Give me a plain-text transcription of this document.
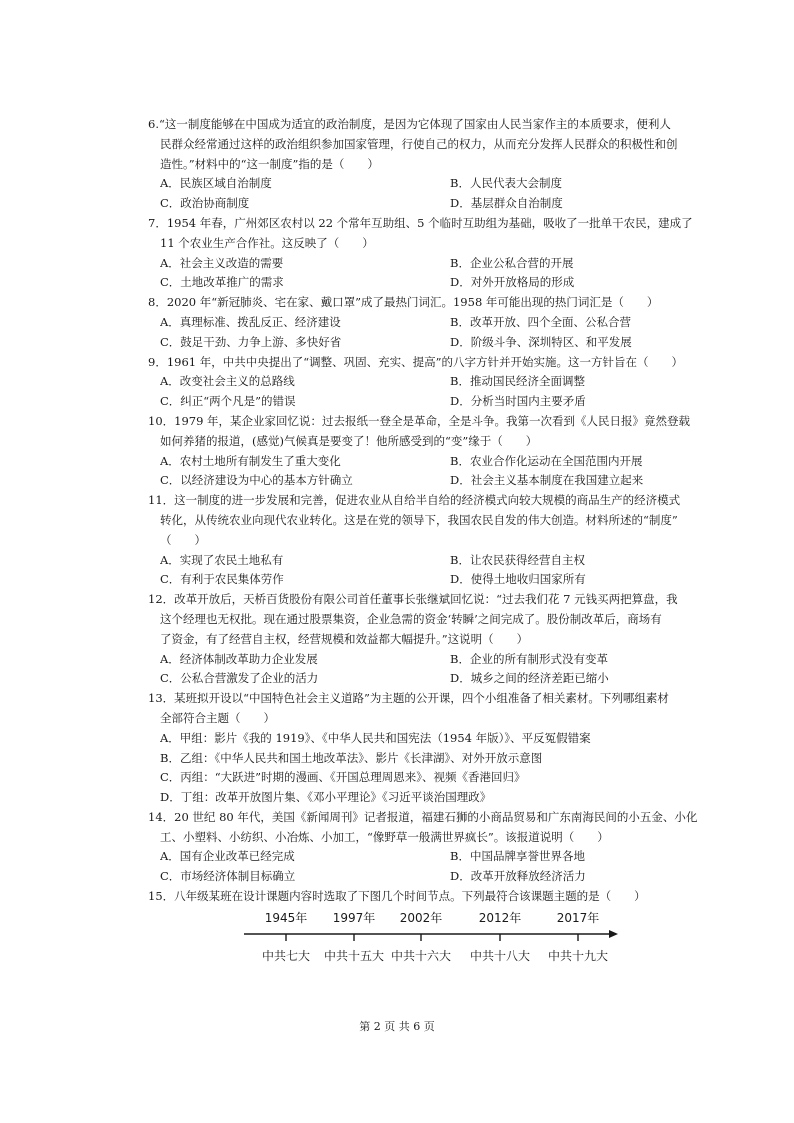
6.“这一制度能够在中国成为适宜的政治制度，是因为它体现了国家由人民当家作主的本质要求，便利人
民群众经常通过这样的政治组织参加国家管理，行使自己的权力，从而充分发挥人民群众的积极性和创
造性。”材料中的“这一制度”指的是（　　）
A．民族区域自治制度	B．人民代表大会制度
C．政治协商制度	D．基层群众自治制度
7．1954 年春，广州郊区农村以 22 个常年互助组、5 个临时互助组为基础，吸收了一批单干农民，建成了
11 个农业生产合作社。这反映了（　　）
A．社会主义改造的需要	B．企业公私合营的开展
C．土地改革推广的需求	D．对外开放格局的形成
8．2020 年“新冠肺炎、宅在家、戴口罩”成了最热门词汇。1958 年可能出现的热门词汇是（　　）
A．真理标准、拨乱反正、经济建设	B．改革开放、四个全面、公私合营
C．鼓足干劲、力争上游、多快好省	D．阶级斗争、深圳特区、和平发展
9．1961 年，中共中央提出了“调整、巩固、充实、提高”的八字方针并开始实施。这一方针旨在（　　）
A．改变社会主义的总路线	B．推动国民经济全面调整
C．纠正“两个凡是”的错误	D．分析当时国内主要矛盾
10．1979 年，某企业家回忆说：过去报纸一登全是革命，全是斗争。我第一次看到《人民日报》竟然登载
如何养猪的报道，(感觉)气候真是要变了！他所感受到的“变”缘于（　　）
A．农村土地所有制发生了重大变化	B．农业合作化运动在全国范围内开展
C．以经济建设为中心的基本方针确立	D．社会主义基本制度在我国建立起来
11．这一制度的进一步发展和完善，促进农业从自给半自给的经济模式向较大规模的商品生产的经济模式
转化，从传统农业向现代农业转化。这是在党的领导下，我国农民自发的伟大创造。材料所述的“制度”
（　　）
A．实现了农民土地私有	B．让农民获得经营自主权
C．有利于农民集体劳作	D．使得土地收归国家所有
12．改革开放后，天桥百货股份有限公司首任董事长张继斌回忆说：“过去我们花 7 元钱买两把算盘，我
这个经理也无权批。现在通过股票集资，企业急需的资金‘转瞬’之间完成了。股份制改革后，商场有
了资金，有了经营自主权，经营规模和效益都大幅提升。”这说明（　　）
A．经济体制改革助力企业发展	B．企业的所有制形式没有变革
C．公私合营激发了企业的活力	D．城乡之间的经济差距已缩小
13．某班拟开设以“中国特色社会主义道路”为主题的公开课，四个小组准备了相关素材。下列哪组素材
全部符合主题（　　）
A．甲组：影片《我的 1919》、《中华人民共和国宪法（1954 年版）》、平反冤假错案
B．乙组：《中华人民共和国土地改革法》、影片《长津湖》、对外开放示意图
C．丙组：“大跃进”时期的漫画、《开国总理周恩来》、视频《香港回归》
D．丁组：改革开放图片集、《邓小平理论》《习近平谈治国理政》
14．20 世纪 80 年代，美国《新闻周刊》记者报道，福建石狮的小商品贸易和广东南海民间的小五金、小化
工、小塑料、小纺织、小冶炼、小加工，“像野草一般满世界疯长”。该报道说明（　　）
A．国有企业改革已经完成	B．中国品牌享誉世界各地
C．市场经济体制目标确立	D．改革开放释放经济活力
15．八年级某班在设计课题内容时选取了下图几个时间节点。下列最符合该课题主题的是（　　）
1945年
中共七大
1997年
中共十五大
2002年
中共十六大
2012年
中共十八大
2017年
中共十九大
第 2 页 共 6 页
